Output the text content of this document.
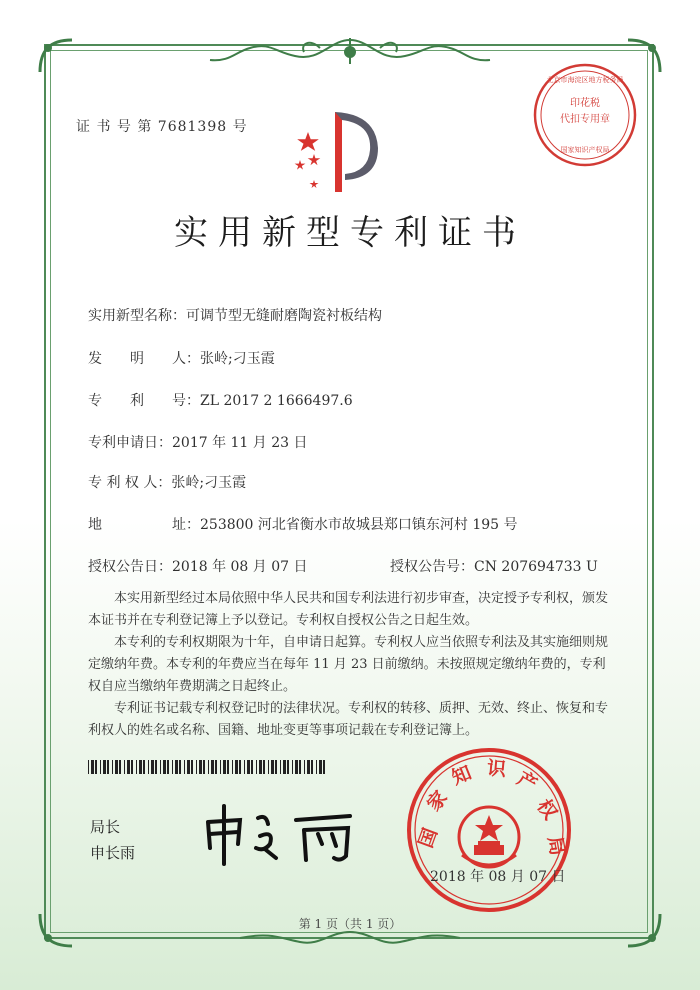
印花税
代扣专用章
北京市海淀区地方税务局
国家知识产权局
证 书 号 第 7681398 号
实用新型专利证书
实用新型名称：可调节型无缝耐磨陶瓷衬板结构
发　　明　　人：张岭;刁玉霞
专　　利　　号：ZL 2017 2 1666497.6
专利申请日：2017 年 11 月 23 日
专 利 权 人：张岭;刁玉霞
地　　　　　址：253800 河北省衡水市故城县郑口镇东河村 195 号
授权公告日：2018 年 08 月 07 日	授权公告号：CN 207694733 U

本实用新型经过本局依照中华人民共和国专利法进行初步审查，决定授予专利权，颁发本证书并在专利登记簿上予以登记。专利权自授权公告之日起生效。

本专利的专利权期限为十年，自申请日起算。专利权人应当依照专利法及其实施细则规定缴纳年费。本专利的年费应当在每年 11 月 23 日前缴纳。未按照规定缴纳年费的，专利权自应当缴纳年费期满之日起终止。

专利证书记载专利权登记时的法律状况。专利权的转移、质押、无效、终止、恢复和专利权人的姓名或名称、国籍、地址变更等事项记载在专利登记簿上。

局长
申长雨
国
家
知 识 产
权
局
2018 年 08 月 07 日
第 1 页（共 1 页）
